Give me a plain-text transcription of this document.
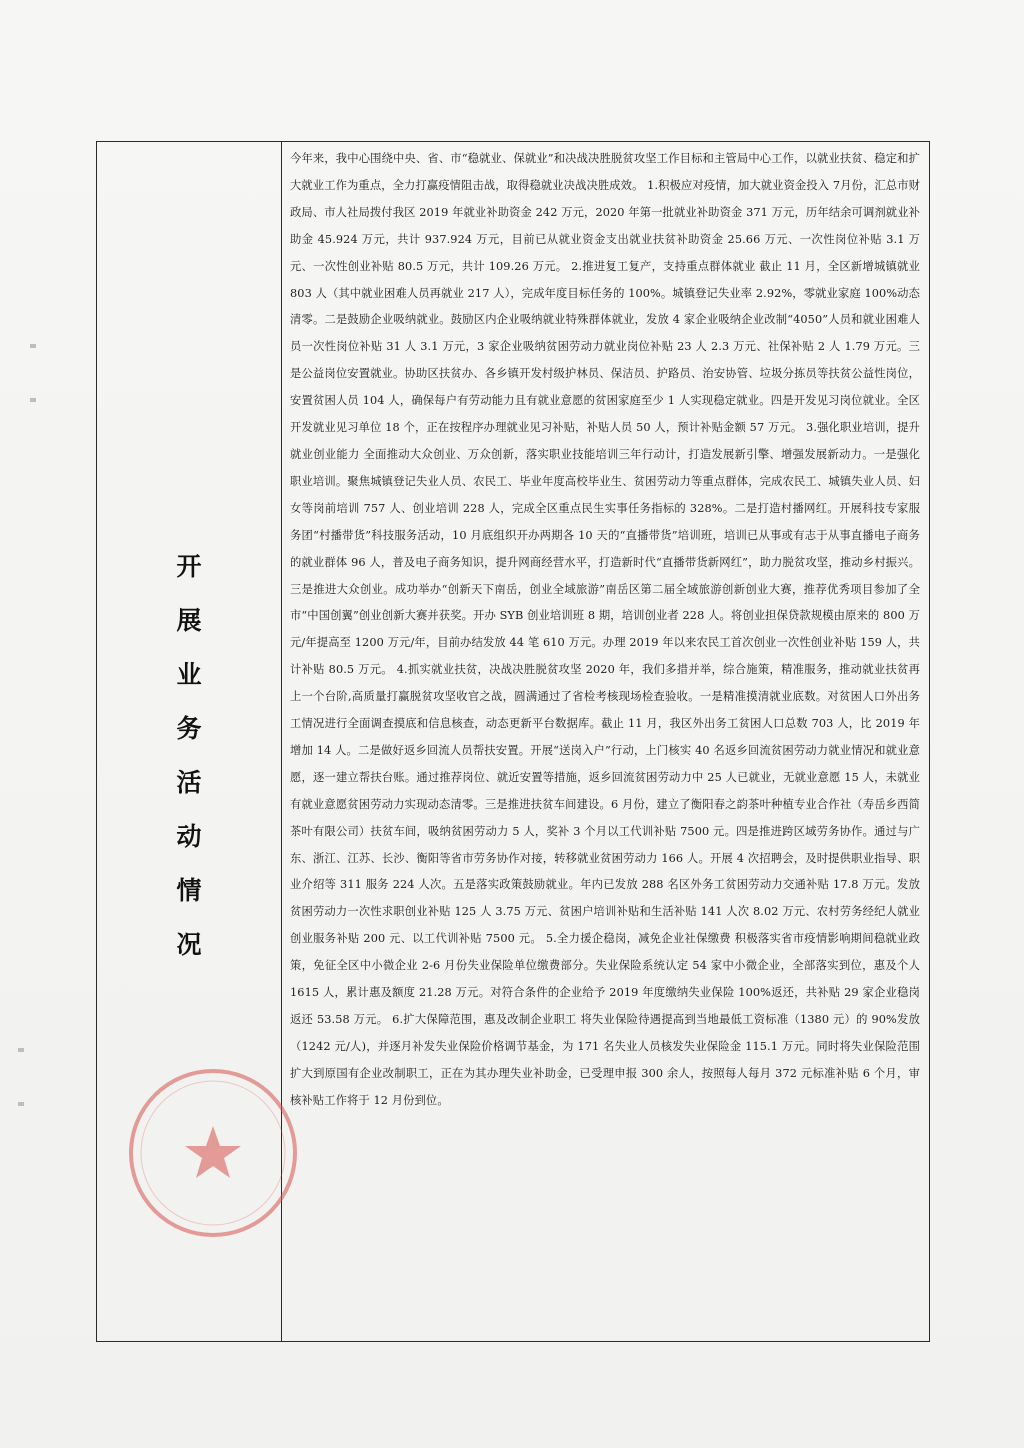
开
展
业
务
活
动
情
况
今年来，我中心围绕中央、省、市“稳就业、保就业”和决战决胜脱贫攻坚工作目标和主管局中心工作，以就业扶贫、稳定和扩大就业工作为重点，全力打赢疫情阻击战，取得稳就业决战决胜成效。 1.积极应对疫情，加大就业资金投入 7月份，汇总市财政局、市人社局拨付我区 2019 年就业补助资金 242 万元，2020 年第一批就业补助资金 371 万元，历年结余可调剂就业补助金 45.924 万元，共计 937.924 万元，目前已从就业资金支出就业扶贫补助资金 25.66 万元、一次性岗位补贴 3.1 万元、一次性创业补贴 80.5 万元，共计 109.26 万元。 2.推进复工复产，支持重点群体就业 截止 11 月，全区新增城镇就业 803 人（其中就业困难人员再就业 217 人），完成年度目标任务的 100%。城镇登记失业率 2.92%，零就业家庭 100%动态清零。二是鼓励企业吸纳就业。鼓励区内企业吸纳就业特殊群体就业，发放 4 家企业吸纳企业改制“4050”人员和就业困难人员一次性岗位补贴 31 人 3.1 万元，3 家企业吸纳贫困劳动力就业岗位补贴 23 人 2.3 万元、社保补贴 2 人 1.79 万元。三是公益岗位安置就业。协助区扶贫办、各乡镇开发村级护林员、保洁员、护路员、治安协管、垃圾分拣员等扶贫公益性岗位，安置贫困人员 104 人，确保每户有劳动能力且有就业意愿的贫困家庭至少 1 人实现稳定就业。四是开发见习岗位就业。全区开发就业见习单位 18 个，正在按程序办理就业见习补贴，补贴人员 50 人，预计补贴金额 57 万元。 3.强化职业培训，提升就业创业能力 全面推动大众创业、万众创新，落实职业技能培训三年行动计，打造发展新引擎、增强发展新动力。一是强化职业培训。聚焦城镇登记失业人员、农民工、毕业年度高校毕业生、贫困劳动力等重点群体，完成农民工、城镇失业人员、妇女等岗前培训 757 人、创业培训 228 人，完成全区重点民生实事任务指标的 328%。二是打造村播网红。开展科技专家服务团“村播带货”科技服务活动，10 月底组织开办两期各 10 天的“直播带货”培训班，培训已从事或有志于从事直播电子商务的就业群体 96 人，普及电子商务知识，提升网商经营水平，打造新时代“直播带货新网红”，助力脱贫攻坚，推动乡村振兴。三是推进大众创业。成功举办“创新天下南岳，创业全域旅游”南岳区第二届全域旅游创新创业大赛，推荐优秀项目参加了全市“中国创翼”创业创新大赛并获奖。开办 SYB 创业培训班 8 期，培训创业者 228 人。将创业担保贷款规模由原来的 800 万元/年提高至 1200 万元/年，目前办结发放 44 笔 610 万元。办理 2019 年以来农民工首次创业一次性创业补贴 159 人，共计补贴 80.5 万元。 4.抓实就业扶贫，决战决胜脱贫攻坚 2020 年，我们多措并举，综合施策，精准服务，推动就业扶贫再上一个台阶,高质量打赢脱贫攻坚收官之战，圆满通过了省检考核现场检查验收。一是精准摸清就业底数。对贫困人口外出务工情况进行全面调查摸底和信息核查，动态更新平台数据库。截止 11 月，我区外出务工贫困人口总数 703 人，比 2019 年增加 14 人。二是做好返乡回流人员帮扶安置。开展“送岗入户”行动，上门核实 40 名返乡回流贫困劳动力就业情况和就业意愿，逐一建立帮扶台账。通过推荐岗位、就近安置等措施，返乡回流贫困劳动力中 25 人已就业，无就业意愿 15 人，未就业有就业意愿贫困劳动力实现动态清零。三是推进扶贫车间建设。6 月份，建立了衡阳春之韵茶叶种植专业合作社（寿岳乡西简茶叶有限公司）扶贫车间，吸纳贫困劳动力 5 人，奖补 3 个月以工代训补贴 7500 元。四是推进跨区域劳务协作。通过与广东、浙江、江苏、长沙、衡阳等省市劳务协作对接，转移就业贫困劳动力 166 人。开展 4 次招聘会，及时提供职业指导、职业介绍等 311 服务 224 人次。五是落实政策鼓励就业。年内已发放 288 名区外务工贫困劳动力交通补贴 17.8 万元。发放贫困劳动力一次性求职创业补贴 125 人 3.75 万元、贫困户培训补贴和生活补贴 141 人次 8.02 万元、农村劳务经纪人就业创业服务补贴 200 元、以工代训补贴 7500 元。 5.全力援企稳岗，减免企业社保缴费 积极落实省市疫情影响期间稳就业政策，免征全区中小微企业 2-6 月份失业保险单位缴费部分。失业保险系统认定 54 家中小微企业，全部落实到位，惠及个人 1615 人，累计惠及额度 21.28 万元。对符合条件的企业给予 2019 年度缴纳失业保险 100%返还，共补贴 29 家企业稳岗返还 53.58 万元。 6.扩大保障范围，惠及改制企业职工 将失业保险待遇提高到当地最低工资标准（1380 元）的 90%发放（1242 元/人)，并逐月补发失业保险价格调节基金，为 171 名失业人员核发失业保险金 115.1 万元。同时将失业保险范围扩大到原国有企业改制职工，正在为其办理失业补助金，已受理申报 300 余人，按照每人每月 372 元标准补贴 6 个月，审核补贴工作将于 12 月份到位。
